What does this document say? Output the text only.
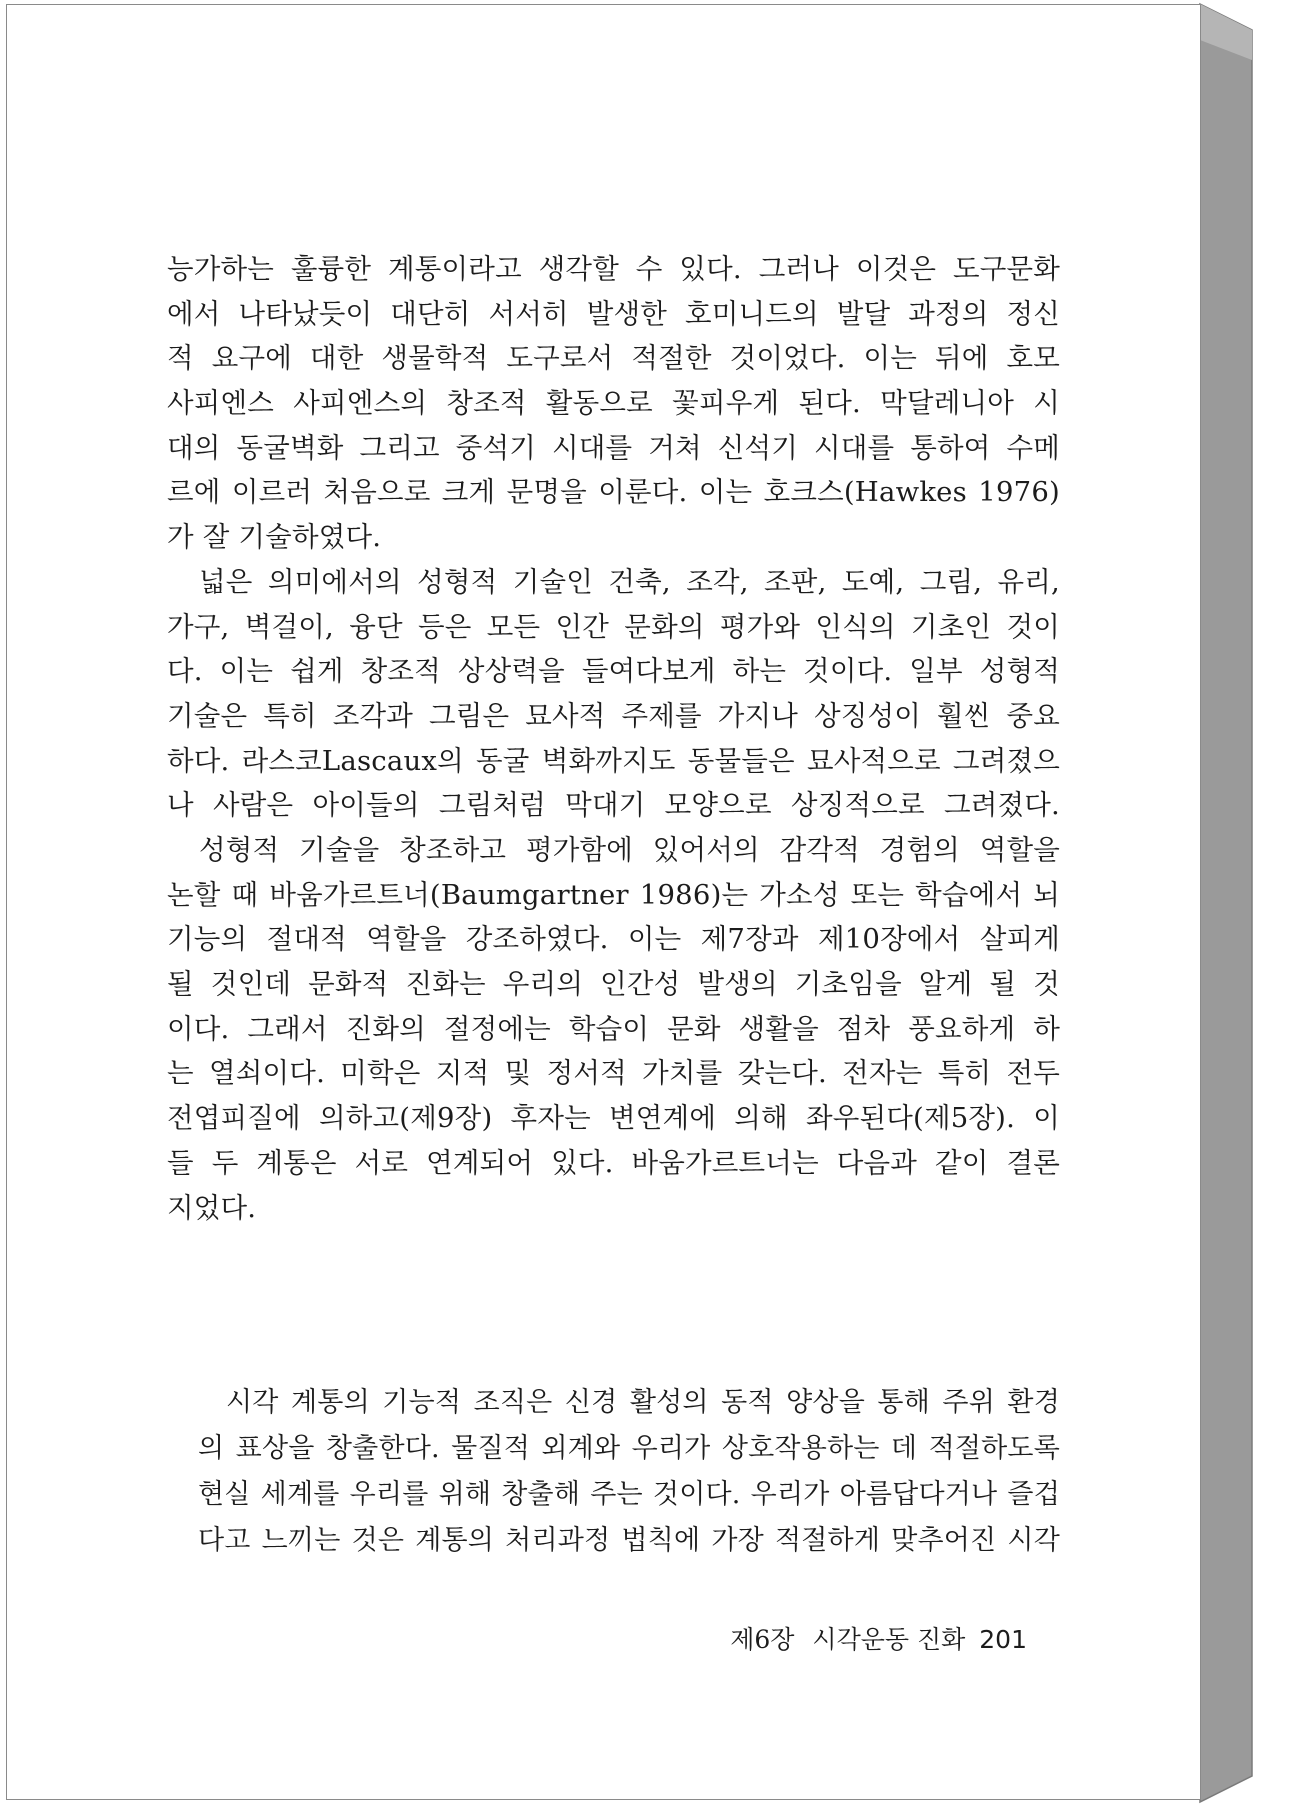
능가하는 훌륭한 계통이라고 생각할 수 있다. 그러나 이것은 도구문화
에서 나타났듯이 대단히 서서히 발생한 호미니드의 발달 과정의 정신
적 요구에 대한 생물학적 도구로서 적절한 것이었다. 이는 뒤에 호모
사피엔스 사피엔스의 창조적 활동으로 꽃피우게 된다. 막달레니아 시
대의 동굴벽화 그리고 중석기 시대를 거쳐 신석기 시대를 통하여 수메
르에 이르러 처음으로 크게 문명을 이룬다. 이는 호크스(Hawkes 1976)
가 잘 기술하였다.
넓은 의미에서의 성형적 기술인 건축, 조각, 조판, 도예, 그림, 유리,
가구, 벽걸이, 융단 등은 모든 인간 문화의 평가와 인식의 기초인 것이
다. 이는 쉽게 창조적 상상력을 들여다보게 하는 것이다. 일부 성형적
기술은 특히 조각과 그림은 묘사적 주제를 가지나 상징성이 훨씬 중요
하다. 라스코Lascaux의 동굴 벽화까지도 동물들은 묘사적으로 그려졌으
나 사람은 아이들의 그림처럼 막대기 모양으로 상징적으로 그려졌다.
성형적 기술을 창조하고 평가함에 있어서의 감각적 경험의 역할을
논할 때 바움가르트너(Baumgartner 1986)는 가소성 또는 학습에서 뇌
기능의 절대적 역할을 강조하였다. 이는 제7장과 제10장에서 살피게
될 것인데 문화적 진화는 우리의 인간성 발생의 기초임을 알게 될 것
이다. 그래서 진화의 절정에는 학습이 문화 생활을 점차 풍요하게 하
는 열쇠이다. 미학은 지적 및 정서적 가치를 갖는다. 전자는 특히 전두
전엽피질에 의하고(제9장) 후자는 변연계에 의해 좌우된다(제5장). 이
들 두 계통은 서로 연계되어 있다. 바움가르트너는 다음과 같이 결론
지었다.
시각 계통의 기능적 조직은 신경 활성의 동적 양상을 통해 주위 환경
의 표상을 창출한다. 물질적 외계와 우리가 상호작용하는 데 적절하도록
현실 세계를 우리를 위해 창출해 주는 것이다. 우리가 아름답다거나 즐겁
다고 느끼는 것은 계통의 처리과정 법칙에 가장 적절하게 맞추어진 시각
제6장 시각운동 진화 201
